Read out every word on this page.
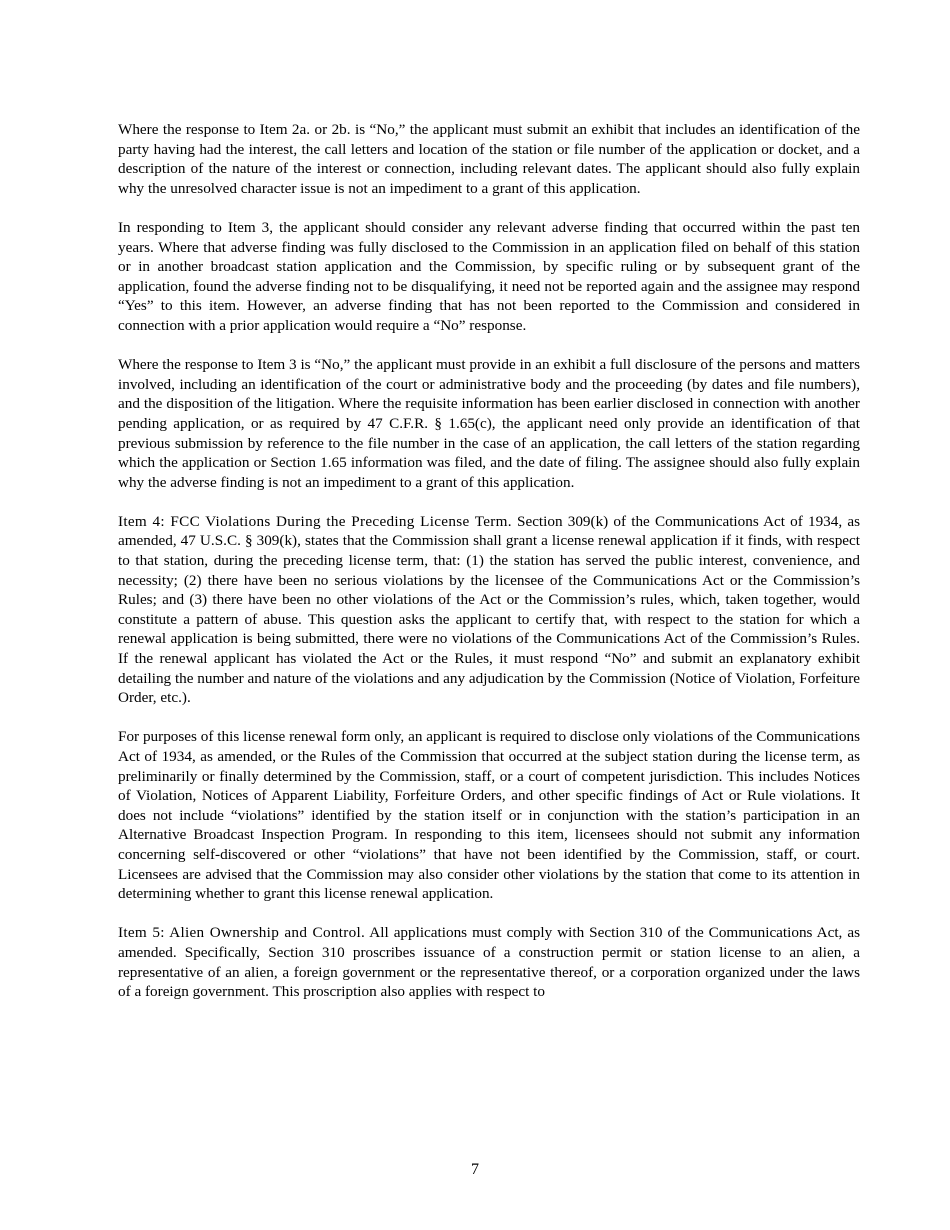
Where the response to Item 2a. or 2b. is “No,” the applicant must submit an exhibit that includes an identification of the party having had the interest, the call letters and location of the station or file number of the application or docket, and a description of the nature of the interest or connection, including relevant dates. The applicant should also fully explain why the unresolved character issue is not an impediment to a grant of this application.

In responding to Item 3, the applicant should consider any relevant adverse finding that occurred within the past ten years. Where that adverse finding was fully disclosed to the Commission in an application filed on behalf of this station or in another broadcast station application and the Commission, by specific ruling or by subsequent grant of the application, found the adverse finding not to be disqualifying, it need not be reported again and the assignee may respond “Yes” to this item. However, an adverse finding that has not been reported to the Commission and considered in connection with a prior application would require a “No” response.

Where the response to Item 3 is “No,” the applicant must provide in an exhibit a full disclosure of the persons and matters involved, including an identification of the court or administrative body and the proceeding (by dates and file numbers), and the disposition of the litigation. Where the requisite information has been earlier disclosed in connection with another pending application, or as required by 47 C.F.R. § 1.65(c), the applicant need only provide an identification of that previous submission by reference to the file number in the case of an application, the call letters of the station regarding which the application or Section 1.65 information was filed, and the date of filing. The assignee should also fully explain why the adverse finding is not an impediment to a grant of this application.

Item 4: FCC Violations During the Preceding License Term. Section 309(k) of the Communications Act of 1934, as amended, 47 U.S.C. § 309(k), states that the Commission shall grant a license renewal application if it finds, with respect to that station, during the preceding license term, that: (1) the station has served the public interest, convenience, and necessity; (2) there have been no serious violations by the licensee of the Communications Act or the Commission’s Rules; and (3) there have been no other violations of the Act or the Commission’s rules, which, taken together, would constitute a pattern of abuse. This question asks the applicant to certify that, with respect to the station for which a renewal application is being submitted, there were no violations of the Communications Act of the Commission’s Rules. If the renewal applicant has violated the Act or the Rules, it must respond “No” and submit an explanatory exhibit detailing the number and nature of the violations and any adjudication by the Commission (Notice of Violation, Forfeiture Order, etc.).

For purposes of this license renewal form only, an applicant is required to disclose only violations of the Communications Act of 1934, as amended, or the Rules of the Commission that occurred at the subject station during the license term, as preliminarily or finally determined by the Commission, staff, or a court of competent jurisdiction. This includes Notices of Violation, Notices of Apparent Liability, Forfeiture Orders, and other specific findings of Act or Rule violations. It does not include “violations” identified by the station itself or in conjunction with the station’s participation in an Alternative Broadcast Inspection Program. In responding to this item, licensees should not submit any information concerning self-discovered or other “violations” that have not been identified by the Commission, staff, or court. Licensees are advised that the Commission may also consider other violations by the station that come to its attention in determining whether to grant this license renewal application.

Item 5: Alien Ownership and Control. All applications must comply with Section 310 of the Communications Act, as amended. Specifically, Section 310 proscribes issuance of a construction permit or station license to an alien, a representative of an alien, a foreign government or the representative thereof, or a corporation organized under the laws of a foreign government. This proscription also applies with respect to

7
